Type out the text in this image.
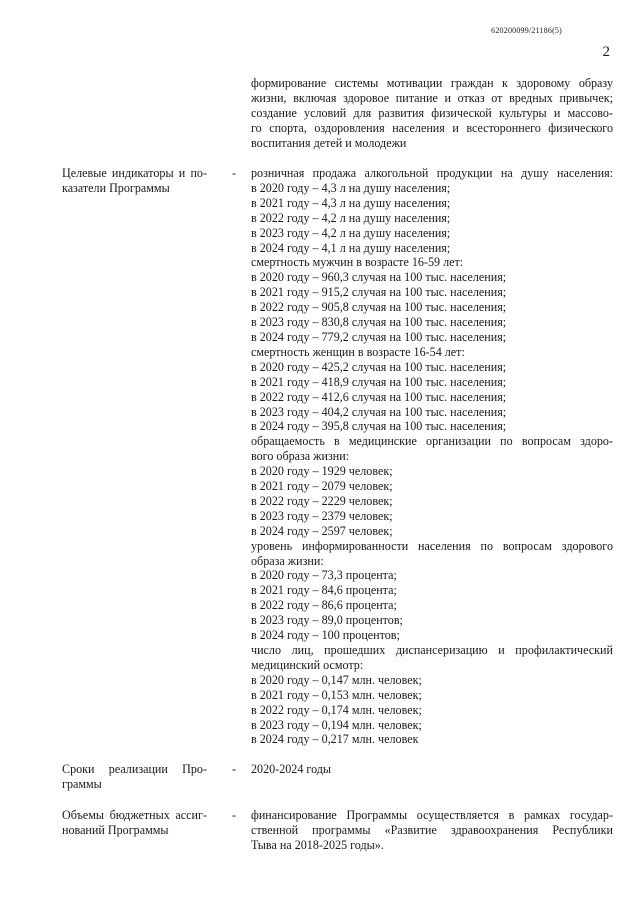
620200099/21186(5)
2
формирование системы мотивации граждан к здоровому образу
жизни, включая здоровое питание и отказ от вредных привычек;
создание условий для развития физической культуры и массово-
го спорта, оздоровления населения и всестороннего физического
воспитания детей и молодежи
Целевые индикаторы и по-
казатели Программы
- розничная продажа алкогольной продукции на душу населения:
в 2020 году – 4,3 л на душу населения;
в 2021 году – 4,3 л на душу населения;
в 2022 году – 4,2 л на душу населения;
в 2023 году – 4,2 л на душу населения;
в 2024 году – 4,1 л на душу населения;
смертность мужчин в возрасте 16-59 лет:
в 2020 году – 960,3 случая на 100 тыс. населения;
в 2021 году – 915,2 случая на 100 тыс. населения;
в 2022 году – 905,8 случая на 100 тыс. населения;
в 2023 году – 830,8 случая на 100 тыс. населения;
в 2024 году – 779,2 случая на 100 тыс. населения;
смертность женщин в возрасте 16-54 лет:
в 2020 году – 425,2 случая на 100 тыс. населения;
в 2021 году – 418,9 случая на 100 тыс. населения;
в 2022 году – 412,6 случая на 100 тыс. населения;
в 2023 году – 404,2 случая на 100 тыс. населения;
в 2024 году – 395,8 случая на 100 тыс. населения;
обращаемость в медицинские организации по вопросам здоро-
вого образа жизни:
в 2020 году – 1929 человек;
в 2021 году – 2079 человек;
в 2022 году – 2229 человек;
в 2023 году – 2379 человек;
в 2024 году – 2597 человек;
уровень информированности населения по вопросам здорового
образа жизни:
в 2020 году – 73,3 процента;
в 2021 году – 84,6 процента;
в 2022 году – 86,6 процента;
в 2023 году – 89,0 процентов;
в 2024 году – 100 процентов;
число лиц, прошедших диспансеризацию и профилактический
медицинский осмотр:
в 2020 году – 0,147 млн. человек;
в 2021 году – 0,153 млн. человек;
в 2022 году – 0,174 млн. человек;
в 2023 году – 0,194 млн. человек;
в 2024 году – 0,217 млн. человек
Сроки реализации Про-
граммы
- 2020-2024 годы
Объемы бюджетных ассиг-
нований Программы
- финансирование Программы осуществляется в рамках государ-
ственной программы «Развитие здравоохранения Республики
Тыва на 2018-2025 годы».
